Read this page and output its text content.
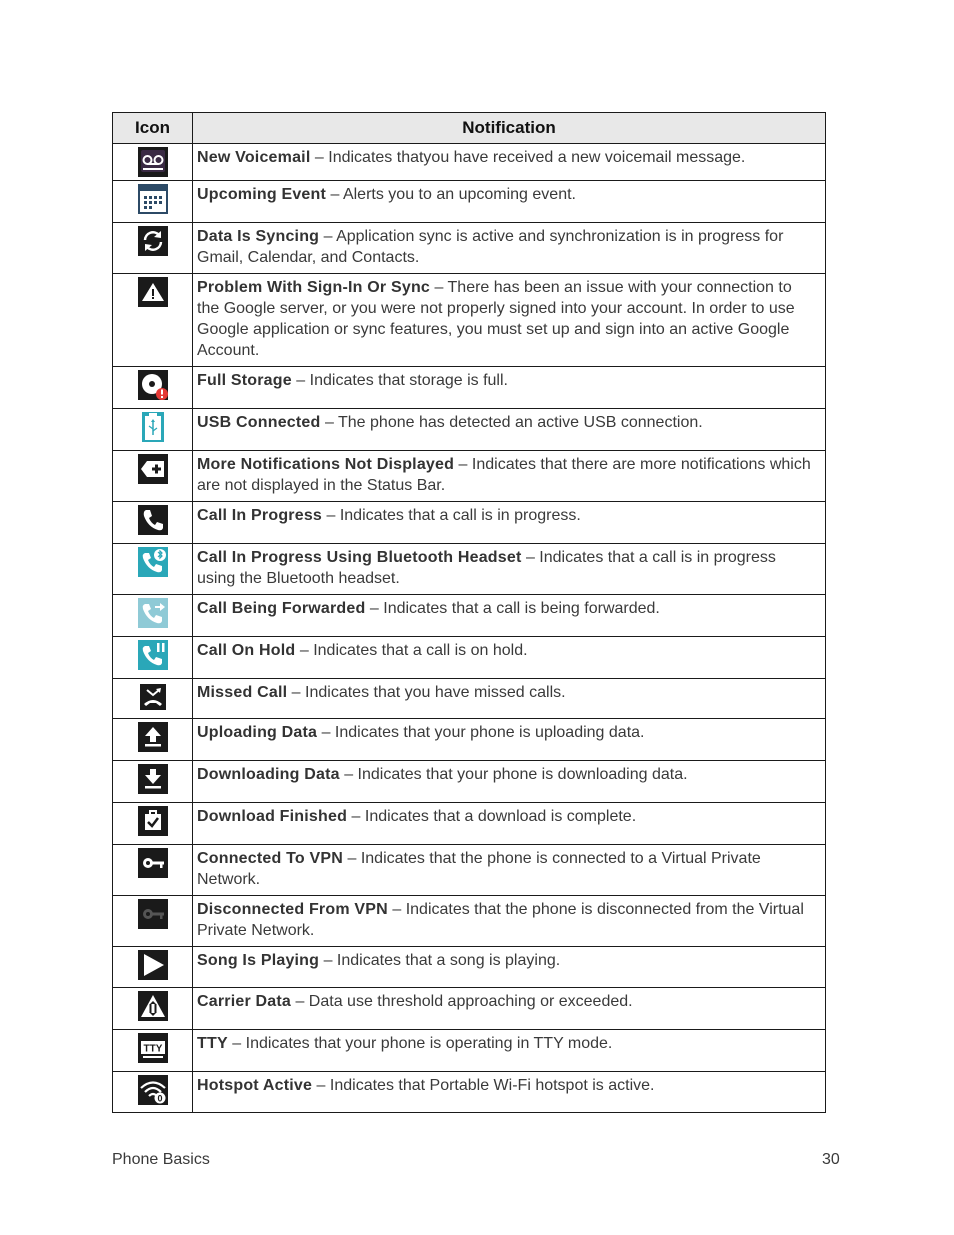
Icon	Notification

	New Voicemail – Indicates thatyou have received a new voicemail message.

	Upcoming Event – Alerts you to an upcoming event.

	Data Is Syncing – Application sync is active and synchronization is in progress for Gmail, Calendar, and Contacts.

	Problem With Sign-In Or Sync – There has been an issue with your connection to the Google server, or you were not properly signed into your account. In order to use Google application or sync features, you must set up and sign into an active Google Account.

	Full Storage – Indicates that storage is full.

	USB Connected – The phone has detected an active USB connection.

	More Notifications Not Displayed – Indicates that there are more notifications which are not displayed in the Status Bar.

	Call In Progress – Indicates that a call is in progress.

	Call In Progress Using Bluetooth Headset – Indicates that a call is in progress using the Bluetooth headset.

	Call Being Forwarded – Indicates that a call is being forwarded.

	Call On Hold – Indicates that a call is on hold.

	Missed Call – Indicates that you have missed calls.

	Uploading Data – Indicates that your phone is uploading data.

	Downloading Data – Indicates that your phone is downloading data.

	Download Finished – Indicates that a download is complete.

	Connected To VPN – Indicates that the phone is connected to a Virtual Private Network.

	Disconnected From VPN – Indicates that the phone is disconnected from the Virtual Private Network.

	Song Is Playing – Indicates that a song is playing.

	Carrier Data – Data use threshold approaching or exceeded.

TTY	TTY – Indicates that your phone is operating in TTY mode.

0	Hotspot Active – Indicates that Portable Wi-Fi hotspot is active.
Phone Basics	30
